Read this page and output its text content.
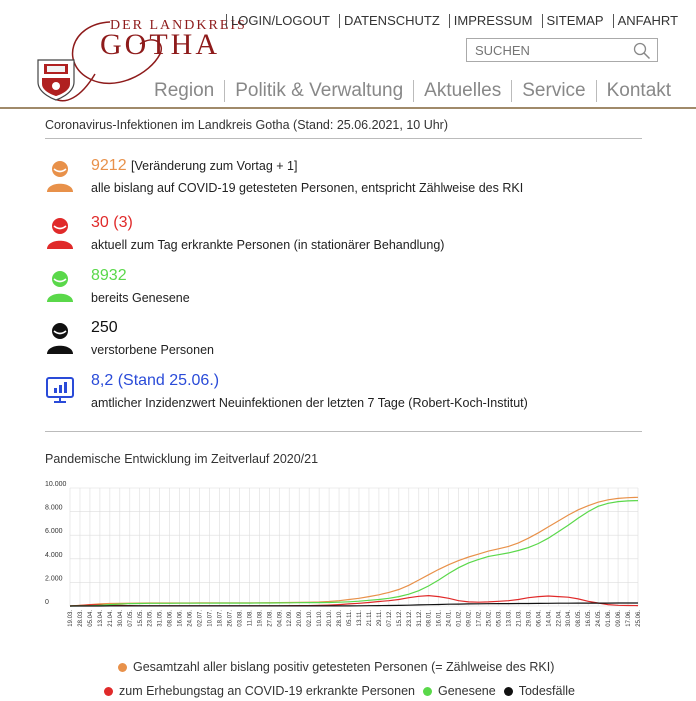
DER LANDKREIS
GOTHA
LOGIN/LOGOUT	DATENSCHUTZ	IMPRESSUM	SITEMAP	ANFAHRT
SUCHEN
Region	Politik & Verwaltung	Aktuelles	Service	Kontakt
Coronavirus-Infektionen im Landkreis Gotha (Stand: 25.06.2021, 10 Uhr)
9212 [Veränderung zum Vortag + 1]
alle bislang auf COVID-19 getesteten Personen, entspricht Zählweise des RKI
30 (3)
aktuell zum Tag erkrankte Personen (in stationärer Behandlung)
8932
bereits Genesene
250
verstorbene Personen
8,2 (Stand 25.06.)
amtlicher Inzidenzwert Neuinfektionen der letzten 7 Tage (Robert-Koch-Institut)
Pandemische Entwicklung im Zeitverlauf 2020/21
10.000
8.000
6.000
4.000
2.000
0
19.03. 28.03. 05.04. 13.04. 21.04. 30.04. 07.05. 15.05. 23.05. 31.05. 08.06. 16.06. 24.06. 02.07. 10.07. 18.07. 26.07. 03.08. 11.08. 19.08. 27.08. 04.09. 12.09. 20.09. 02.10. 10.10. 20.10. 28.10. 05.11. 13.11. 21.11. 29.11. 07.12. 15.12. 23.12. 31.12. 08.01. 16.01. 24.01. 01.02. 09.02. 17.02. 25.02. 05.03. 13.03. 21.03. 29.03. 06.04. 14.04. 22.04. 30.04. 08.05. 16.05. 24.05. 01.06. 09.06. 17.06. 25.06.
Gesamtzahl aller bislang positiv getesteten Personen (= Zählweise des RKI)
zum Erhebungstag an COVID-19 erkrankte Personen Genesene Todesfälle
